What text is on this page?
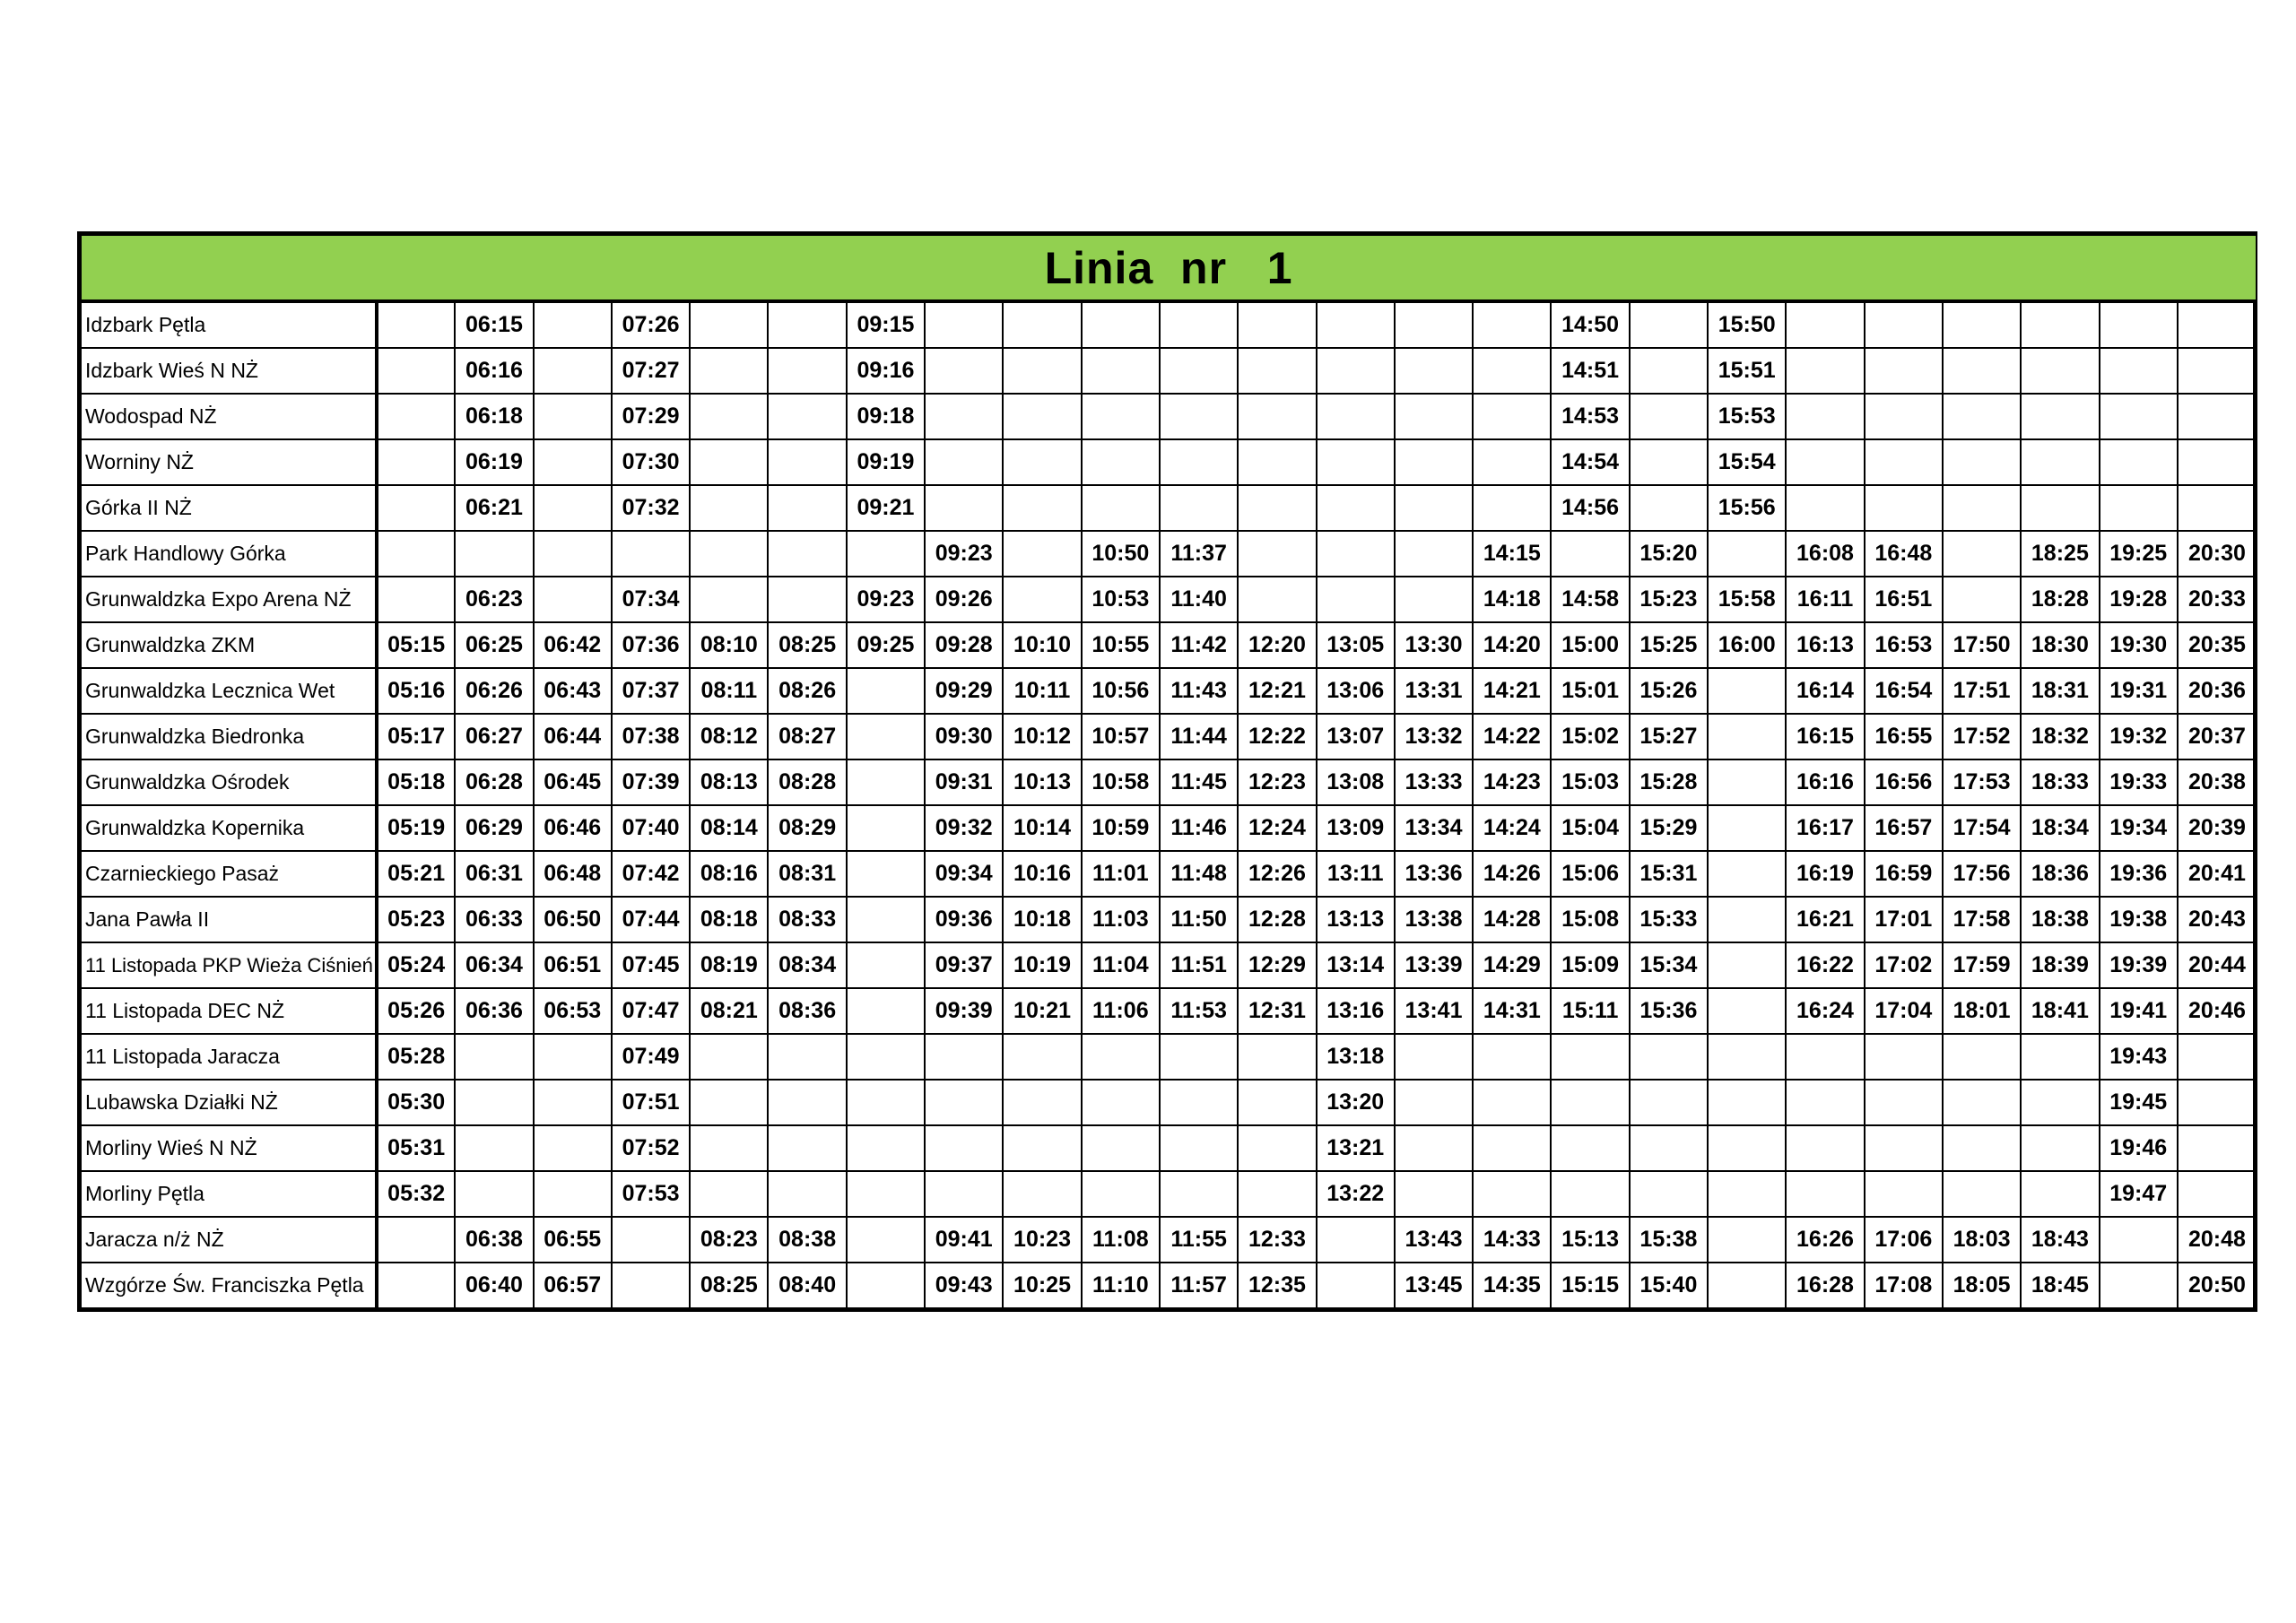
Linia  nr   1																								
Idzbark Pętla		06:15		07:26			09:15									14:50		15:50						
Idzbark Wieś N NŻ		06:16		07:27			09:16									14:51		15:51						
Wodospad NŻ		06:18		07:29			09:18									14:53		15:53						
Worniny NŻ		06:19		07:30			09:19									14:54		15:54						
Górka II NŻ		06:21		07:32			09:21									14:56		15:56						
Park Handlowy Górka								09:23		10:50	11:37				14:15		15:20		16:08	16:48		18:25	19:25	20:30
Grunwaldzka Expo Arena NŻ		06:23		07:34			09:23	09:26		10:53	11:40				14:18	14:58	15:23	15:58	16:11	16:51		18:28	19:28	20:33
Grunwaldzka ZKM	05:15	06:25	06:42	07:36	08:10	08:25	09:25	09:28	10:10	10:55	11:42	12:20	13:05	13:30	14:20	15:00	15:25	16:00	16:13	16:53	17:50	18:30	19:30	20:35
Grunwaldzka Lecznica Wet	05:16	06:26	06:43	07:37	08:11	08:26		09:29	10:11	10:56	11:43	12:21	13:06	13:31	14:21	15:01	15:26		16:14	16:54	17:51	18:31	19:31	20:36
Grunwaldzka Biedronka	05:17	06:27	06:44	07:38	08:12	08:27		09:30	10:12	10:57	11:44	12:22	13:07	13:32	14:22	15:02	15:27		16:15	16:55	17:52	18:32	19:32	20:37
Grunwaldzka Ośrodek	05:18	06:28	06:45	07:39	08:13	08:28		09:31	10:13	10:58	11:45	12:23	13:08	13:33	14:23	15:03	15:28		16:16	16:56	17:53	18:33	19:33	20:38
Grunwaldzka Kopernika	05:19	06:29	06:46	07:40	08:14	08:29		09:32	10:14	10:59	11:46	12:24	13:09	13:34	14:24	15:04	15:29		16:17	16:57	17:54	18:34	19:34	20:39
Czarnieckiego Pasaż	05:21	06:31	06:48	07:42	08:16	08:31		09:34	10:16	11:01	11:48	12:26	13:11	13:36	14:26	15:06	15:31		16:19	16:59	17:56	18:36	19:36	20:41
Jana Pawła II	05:23	06:33	06:50	07:44	08:18	08:33		09:36	10:18	11:03	11:50	12:28	13:13	13:38	14:28	15:08	15:33		16:21	17:01	17:58	18:38	19:38	20:43
11 Listopada PKP Wieża Ciśnień	05:24	06:34	06:51	07:45	08:19	08:34		09:37	10:19	11:04	11:51	12:29	13:14	13:39	14:29	15:09	15:34		16:22	17:02	17:59	18:39	19:39	20:44
11 Listopada DEC NŻ	05:26	06:36	06:53	07:47	08:21	08:36		09:39	10:21	11:06	11:53	12:31	13:16	13:41	14:31	15:11	15:36		16:24	17:04	18:01	18:41	19:41	20:46
11 Listopada Jaracza	05:28			07:49									13:18										19:43	
Lubawska Działki NŻ	05:30			07:51									13:20										19:45	
Morliny Wieś N NŻ	05:31			07:52									13:21										19:46	
Morliny Pętla	05:32			07:53									13:22										19:47	
Jaracza n/ż NŻ		06:38	06:55		08:23	08:38		09:41	10:23	11:08	11:55	12:33		13:43	14:33	15:13	15:38		16:26	17:06	18:03	18:43		20:48
Wzgórze Św. Franciszka Pętla		06:40	06:57		08:25	08:40		09:43	10:25	11:10	11:57	12:35		13:45	14:35	15:15	15:40		16:28	17:08	18:05	18:45		20:50
